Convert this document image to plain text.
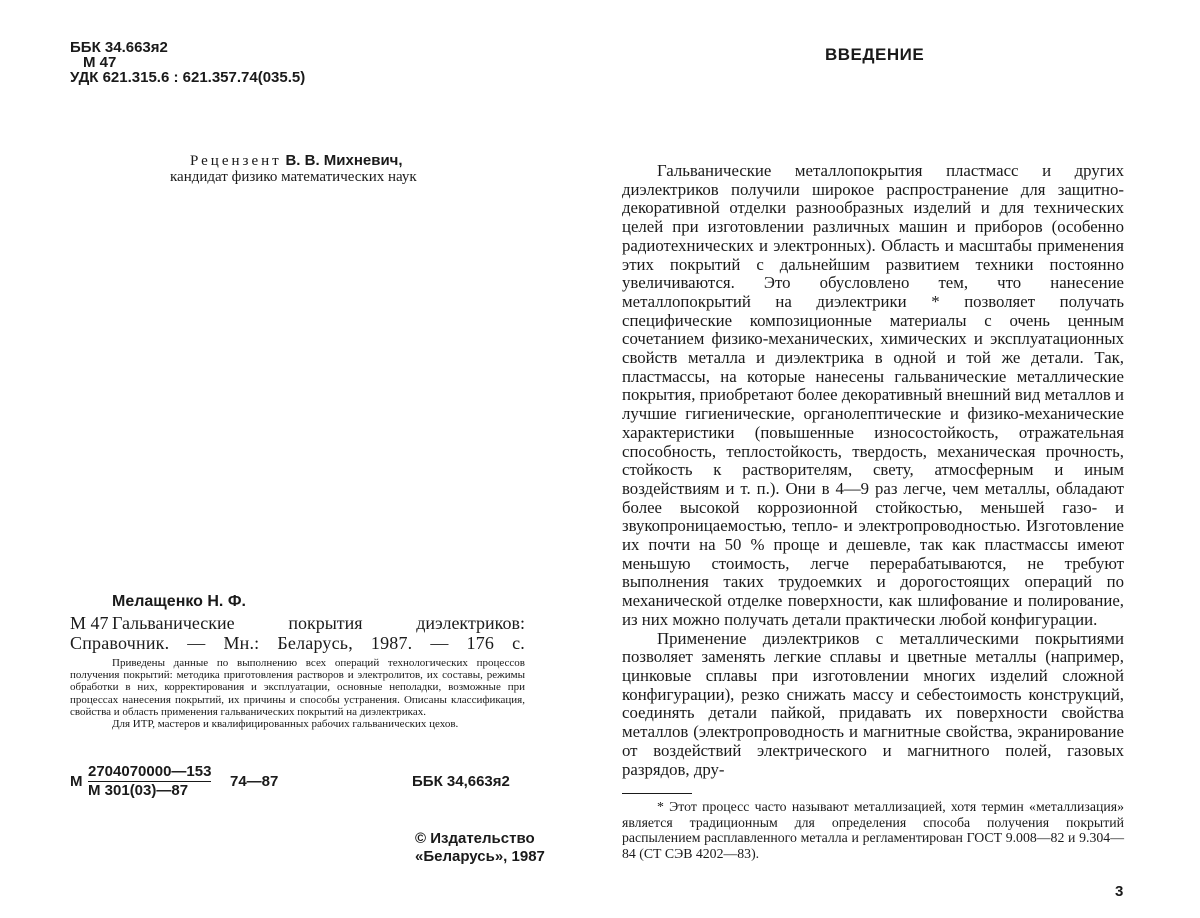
ББК 34.663я2
М 47
УДК 621.315.6 : 621.357.74(035.5)
Рецензент В. В. Михневич,
кандидат физико математических наук
Мелащенко Н. Ф.
М 47 Гальванические покрытия диэлектриков:
Справочник. — Мн.: Беларусь, 1987. — 176 с.

Приведены данные по выполнению всех операций технологических процессов получения покрытий: методика приготовления растворов и электролитов, их составы, режимы обработки в них, корректирования и эксплуатации, основные неполадки, возможные при процессах нанесения покрытий, их причины и способы устранения. Описаны классификация, свойства и область применения гальванических покрытий на диэлектриках.

Для ИТР, мастеров и квалифицированных рабочих гальванических цехов.

М
2704070000—153
М 301(03)—87
74—87	ББК 34,663я2
© Издательство
«Беларусь», 1987
ВВЕДЕНИЕ

Гальванические металлопокрытия пластмасс и других диэлектриков получили широкое распространение для защитно-декоративной отделки разнообразных изделий и для технических целей при изготовлении различных машин и приборов (особенно радиотехнических и электронных). Область и масштабы применения этих покрытий с дальнейшим развитием техники постоянно увеличиваются. Это обусловлено тем, что нанесение металлопокрытий на диэлектрики * позволяет получать специфические композиционные материалы с очень ценным сочетанием физико-механических, химических и эксплуатационных свойств металла и диэлектрика в одной и той же детали. Так, пластмассы, на которые нанесены гальванические металлические покрытия, приобретают более декоративный внешний вид металлов и лучшие гигиенические, органолептические и физико-механические характеристики (повышенные износостойкость, отражательная способность, теплостойкость, твердость, механическая прочность, стойкость к растворителям, свету, атмосферным и иным воздействиям и т. п.). Они в 4—9 раз легче, чем металлы, обладают более высокой коррозионной стойкостью, меньшей газо- и звукопроницаемостью, тепло- и электропроводностью. Изготовление их почти на 50 % проще и дешевле, так как пластмассы имеют меньшую стоимость, легче перерабатываются, не требуют выполнения таких трудоемких и дорогостоящих операций по механической отделке поверхности, как шлифование и полирование, из них можно получать детали практически любой конфигурации.

Применение диэлектриков с металлическими покрытиями позволяет заменять легкие сплавы и цветные металлы (например, цинковые сплавы при изготовлении многих изделий сложной конфигурации), резко снижать массу и себестоимость конструкций, соединять детали пайкой, придавать их поверхности свойства металлов (электропроводность и магнитные свойства, экранирование от воздействий электрического и магнитного полей, газовых разрядов, дру-

* Этот процесс часто называют металлизацией, хотя термин «металлизация» является традиционным для определения способа получения покрытий распылением расплавленного металла и регламентирован ГОСТ 9.008—82 и 9.304—84 (СТ СЭВ 4202—83).

3
